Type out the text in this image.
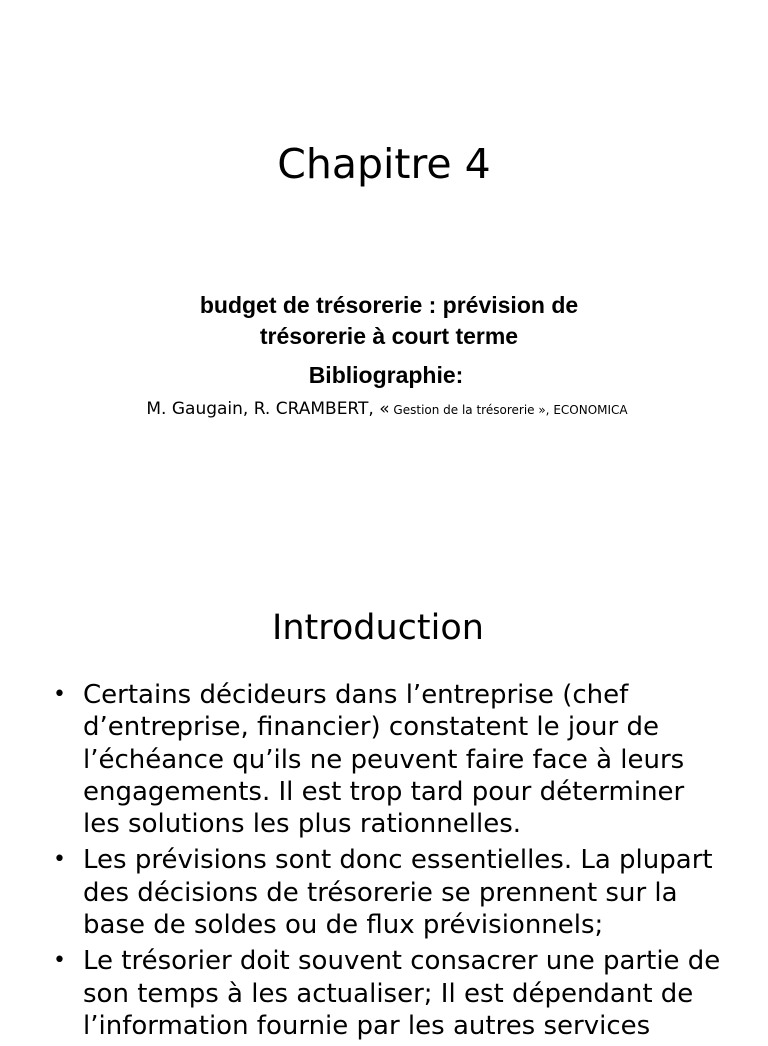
Chapitre 4

budget de trésorerie : prévision de
trésorerie à court terme

Bibliographie:

M. Gaugain, R. CRAMBERT, « Gestion de la trésorerie », ECONOMICA

Introduction
• Certains décideurs dans l’entreprise (chef
d’entreprise, financier) constatent le jour de
l’échéance qu’ils ne peuvent faire face à leurs
engagements. Il est trop tard pour déterminer
les solutions les plus rationnelles.
• Les prévisions sont donc essentielles. La plupart
des décisions de trésorerie se prennent sur la
base de soldes ou de flux prévisionnels;
• Le trésorier doit souvent consacrer une partie de
son temps à les actualiser; Il est dépendant de
l’information fournie par les autres services
